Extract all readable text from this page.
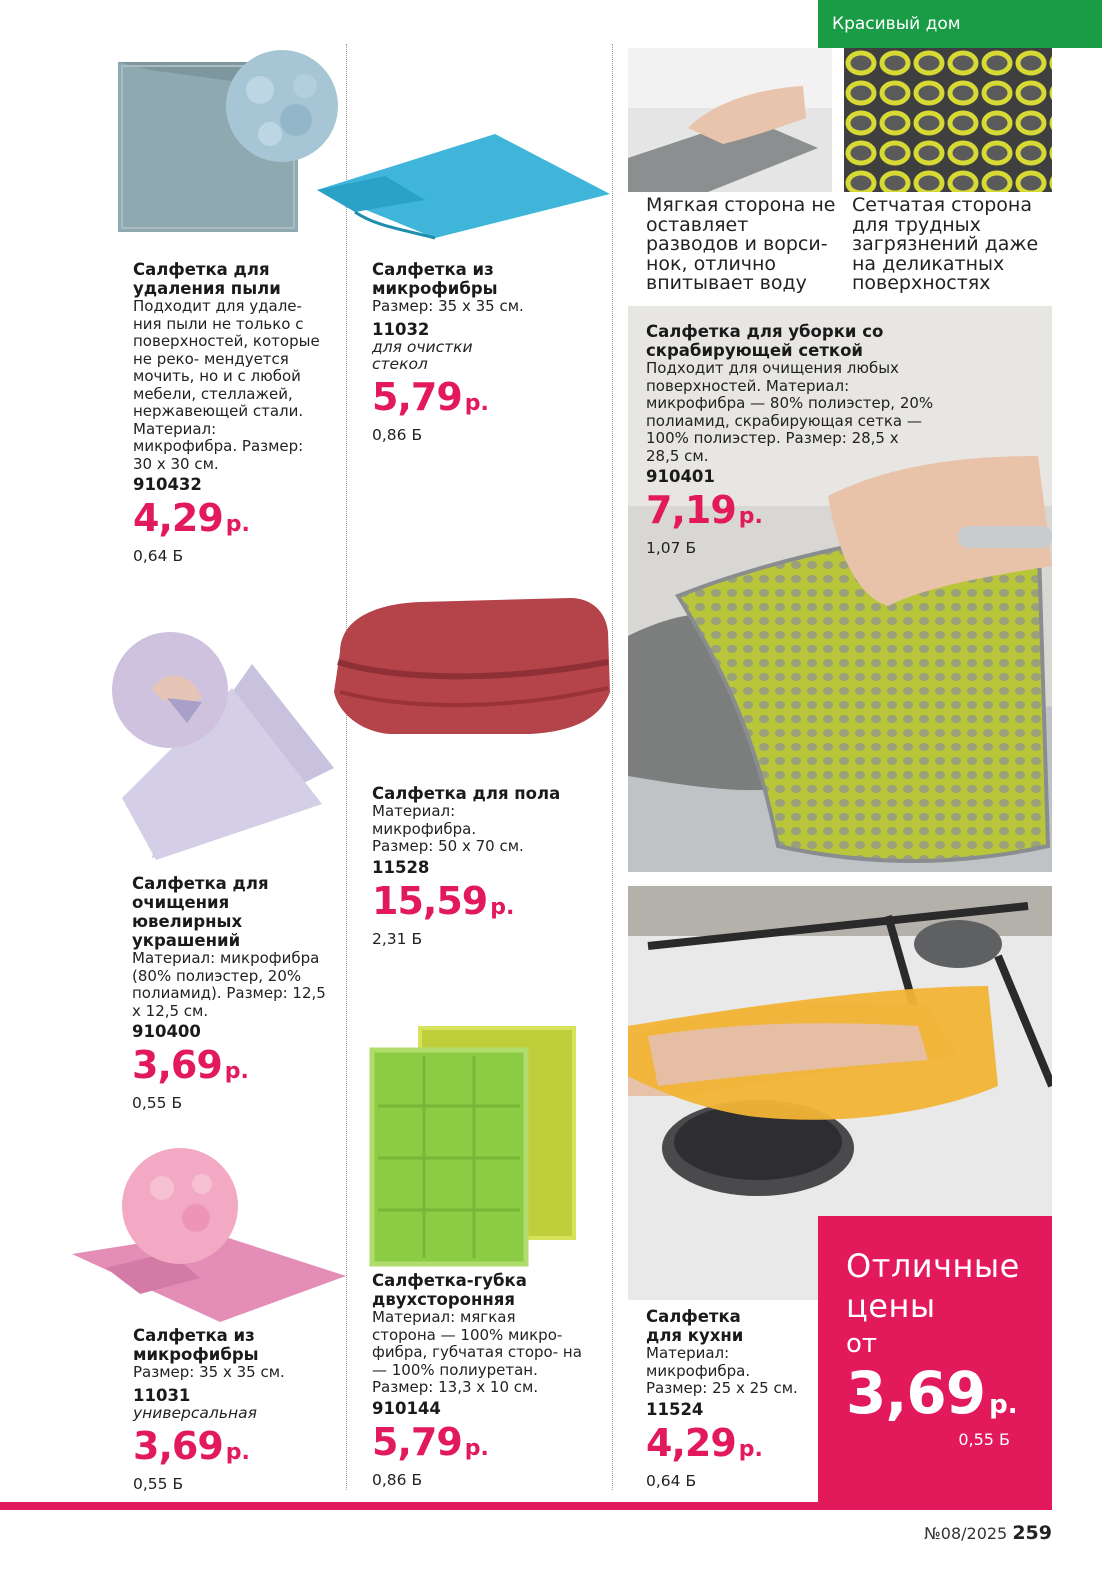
Красивый дом
Мягкая сторона не оставляет разводов и ворси- нок, отлично впитывает воду
Сетчатая сторона для трудных загрязнений даже на деликатных поверхностях
Салфетка для удаления пыли
Подходит для удале- ния пыли не только с поверхностей, которые не реко- мендуется мочить, но и с любой мебели, стеллажей, нержавеющей стали. Материал: микрофибра. Размер: 30 х 30 см.
910432
4,29 р.
0,64 Б
Салфетка из микрофибры
Размер: 35 х 35 см.
11032
для очистки стекол
5,79 р.
0,86 Б
Салфетка для уборки со скрабирующей сеткой
Подходит для очищения любых поверхностей. Материал: микрофибра — 80% полиэстер, 20% полиамид, скрабирующая сетка — 100% полиэстер. Размер: 28,5 х 28,5 см.
910401
7,19 р.
1,07 Б
Салфетка для очищения ювелирных украшений
Материал: микрофибра (80% полиэстер, 20% полиамид). Размер: 12,5 х 12,5 см.
910400
3,69 р.
0,55 Б
Салфетка для пола
Материал: микрофибра. Размер: 50 х 70 см.
11528
15,59 р.
2,31 Б
Салфетка из микрофибры
Размер: 35 х 35 см.
11031
универсальная
3,69 р.
0,55 Б
Салфетка-губка двухсторонняя
Материал: мягкая сторона — 100% микро- фибра, губчатая сторо- на — 100% полиуретан. Размер: 13,3 х 10 см.
910144
5,79 р.
0,86 Б
Салфетка для кухни
Материал: микрофибра. Размер: 25 х 25 см.
11524
4,29 р.
0,64 Б
Отличные
цены
от
3,69 р.
0,55 Б
№08/2025 259
